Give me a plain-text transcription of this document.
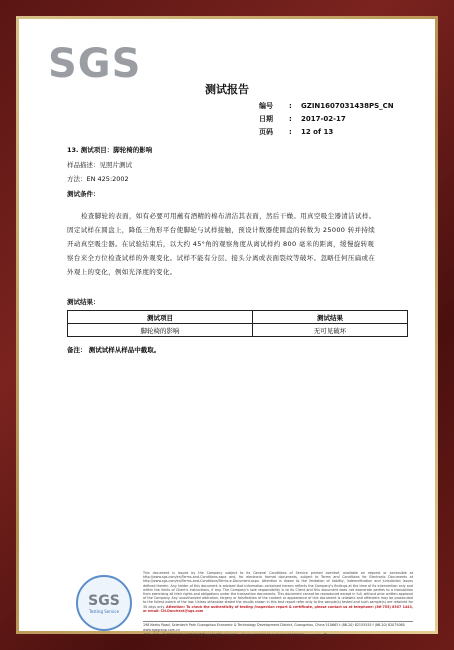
SGS
测试报告
编号	:	GZIN1607031438PS_CN
日期	:	2017-02-17
页码	:	12 of 13
13. 测试项目：脚轮椅的影响
样品描述：见照片测试
方法：EN 425:2002
测试条件：
检查脚轮的表面，如有必要可用蘸有酒精的棉布清洁其表面，然后干燥。用真空吸尘器清洁试样。
固定试样在圆盘上，降低三角形平台使脚轮与试样接触，预设计数器使圆盘的转数为 25000 转并持续
开动真空吸尘器。在试验结束后，以大约 45°角的观察角度从离试样约 800 毫米的距离，缓慢旋转观
察台来全方位检查试样的外观变化。试样不能有分层、接头分离或表面裂纹等破坏。忽略任何压扁或在
外观上的变化，例如光泽度的变化。
测试结果：
测试项目	测试结果
脚轮椅的影响	无可见破坏
备注： 测试试样从样品中截取。
SGS
Testing Service
This document is issued by the Company subject to its General Conditions of Service printed overleaf, available on request or accessible at http://www.sgs.com/en/Terms-and-Conditions.aspx and, for electronic format documents, subject to Terms and Conditions for Electronic Documents at http://www.sgs.com/en/Terms-and-Conditions/Terms-e-Document.aspx. Attention is drawn to the limitation of liability, indemnification and jurisdiction issues defined therein. Any holder of this document is advised that information contained hereon reflects the Company's findings at the time of its intervention only and within the limits of Client's instructions, if any. The Company's sole responsibility is to its Client and this document does not exonerate parties to a transaction from exercising all their rights and obligations under the transaction documents. This document cannot be reproduced except in full, without prior written approval of the Company. Any unauthorized alteration, forgery or falsification of the content or appearance of this document is unlawful and offenders may be prosecuted to the fullest extent of the law. Unless otherwise stated the results shown in this test report refer only to the sample(s) tested and such sample(s) are retained for 30 days only. Attention: To check the authenticity of testing /inspection report & certificate, please contact us at telephone: (86-755) 8307 1443, or email: CN.Doccheck@sgs.com
198 Kezhu Road, Scientech Park Guangzhou Economic & Technology Development District, Guangzhou, China 510663 t (86-20) 82155555 f (86-20) 82075080 www.sgsgroup.com.cn
中国 · 广州 · 经济技术开发区科学城科珠路198号 邮编: 510663 t (86-20) 82155555 f (86-20) 82075080 e sgs.china@sgs.com
